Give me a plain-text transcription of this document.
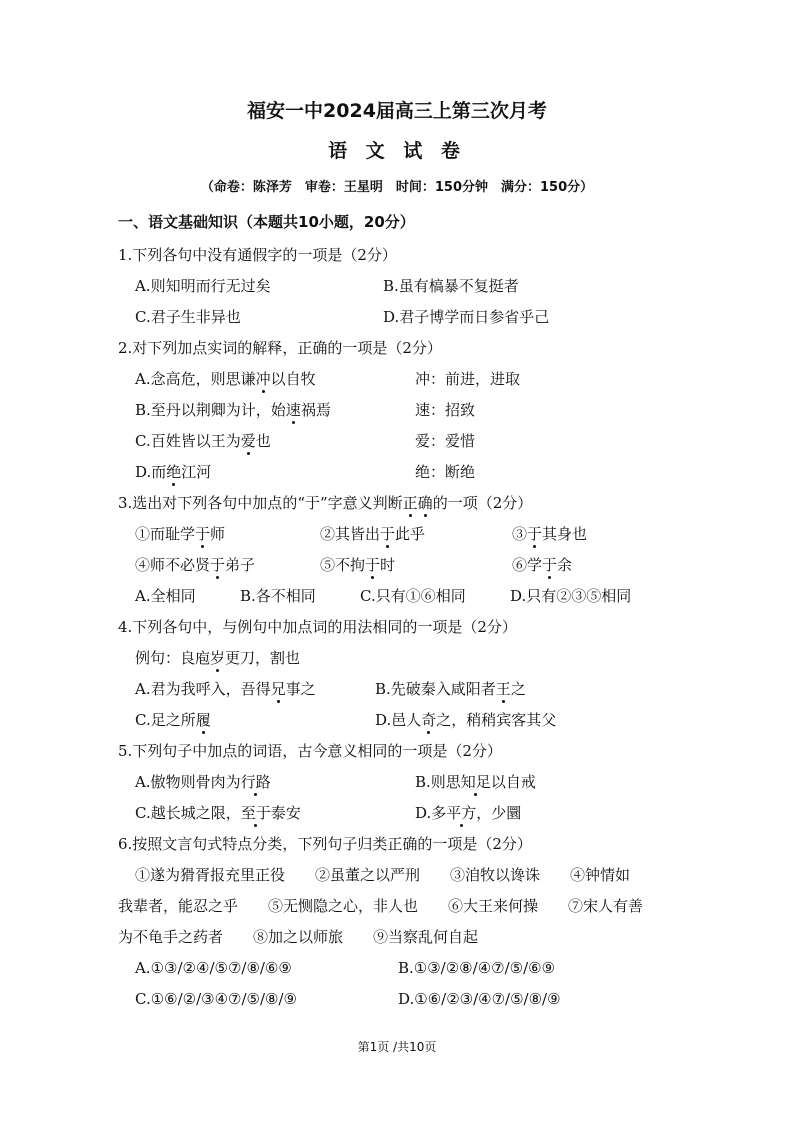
福安一中2024届高三上第三次月考
语 文 试 卷
（命卷：陈泽芳　审卷：王星明　时间：150分钟　满分：150分）
一、语文基础知识（本题共10小题，20分）
1.下列各句中没有通假字的一项是（2分）
A.则知明而行无过矣	B.虽有槁暴不复挺者
C.君子生非异也	D.君子博学而日参省乎己
2.对下列加点实词的解释，正确的一项是（2分）
A.念高危，则思谦冲以自牧	冲：前进，进取
B.至丹以荆卿为计，始速祸焉	速：招致
C.百姓皆以王为爱也	爱：爱惜
D.而绝江河	绝：断绝
3.选出对下列各句中加点的“于”字意义判断正确的一项（2分）
①而耻学于师	②其皆出于此乎	③于其身也
④师不必贤于弟子	⑤不拘于时	⑥学于余
A.全相同	B.各不相同	C.只有①⑥相同	D.只有②③⑤相同
4.下列各句中，与例句中加点词的用法相同的一项是（2分）
例句：良庖岁更刀，割也
A.君为我呼入，吾得兄事之	B.先破秦入咸阳者王之
C.足之所履	D.邑人奇之，稍稍宾客其父
5.下列句子中加点的词语，古今意义相同的一项是（2分）
A.傲物则骨肉为行路	B.则思知足以自戒
C.越长城之限，至于泰安	D.多平方，少圜
6.按照文言句式特点分类，下列句子归类正确的一项是（2分）
①遂为猾胥报充里正役　　②虽董之以严刑　　③洎牧以谗诛　　④钟情如
我辈者，能忍之乎　　⑤无恻隐之心，非人也　　⑥大王来何操　　⑦宋人有善
为不龟手之药者　　⑧加之以师旅　　⑨当察乱何自起
A.①③/②④/⑤⑦/⑧/⑥⑨	B.①③/②⑧/④⑦/⑤/⑥⑨
C.①⑥/②/③④⑦/⑤/⑧/⑨	D.①⑥/②③/④⑦/⑤/⑧/⑨
第1页 /共10页
